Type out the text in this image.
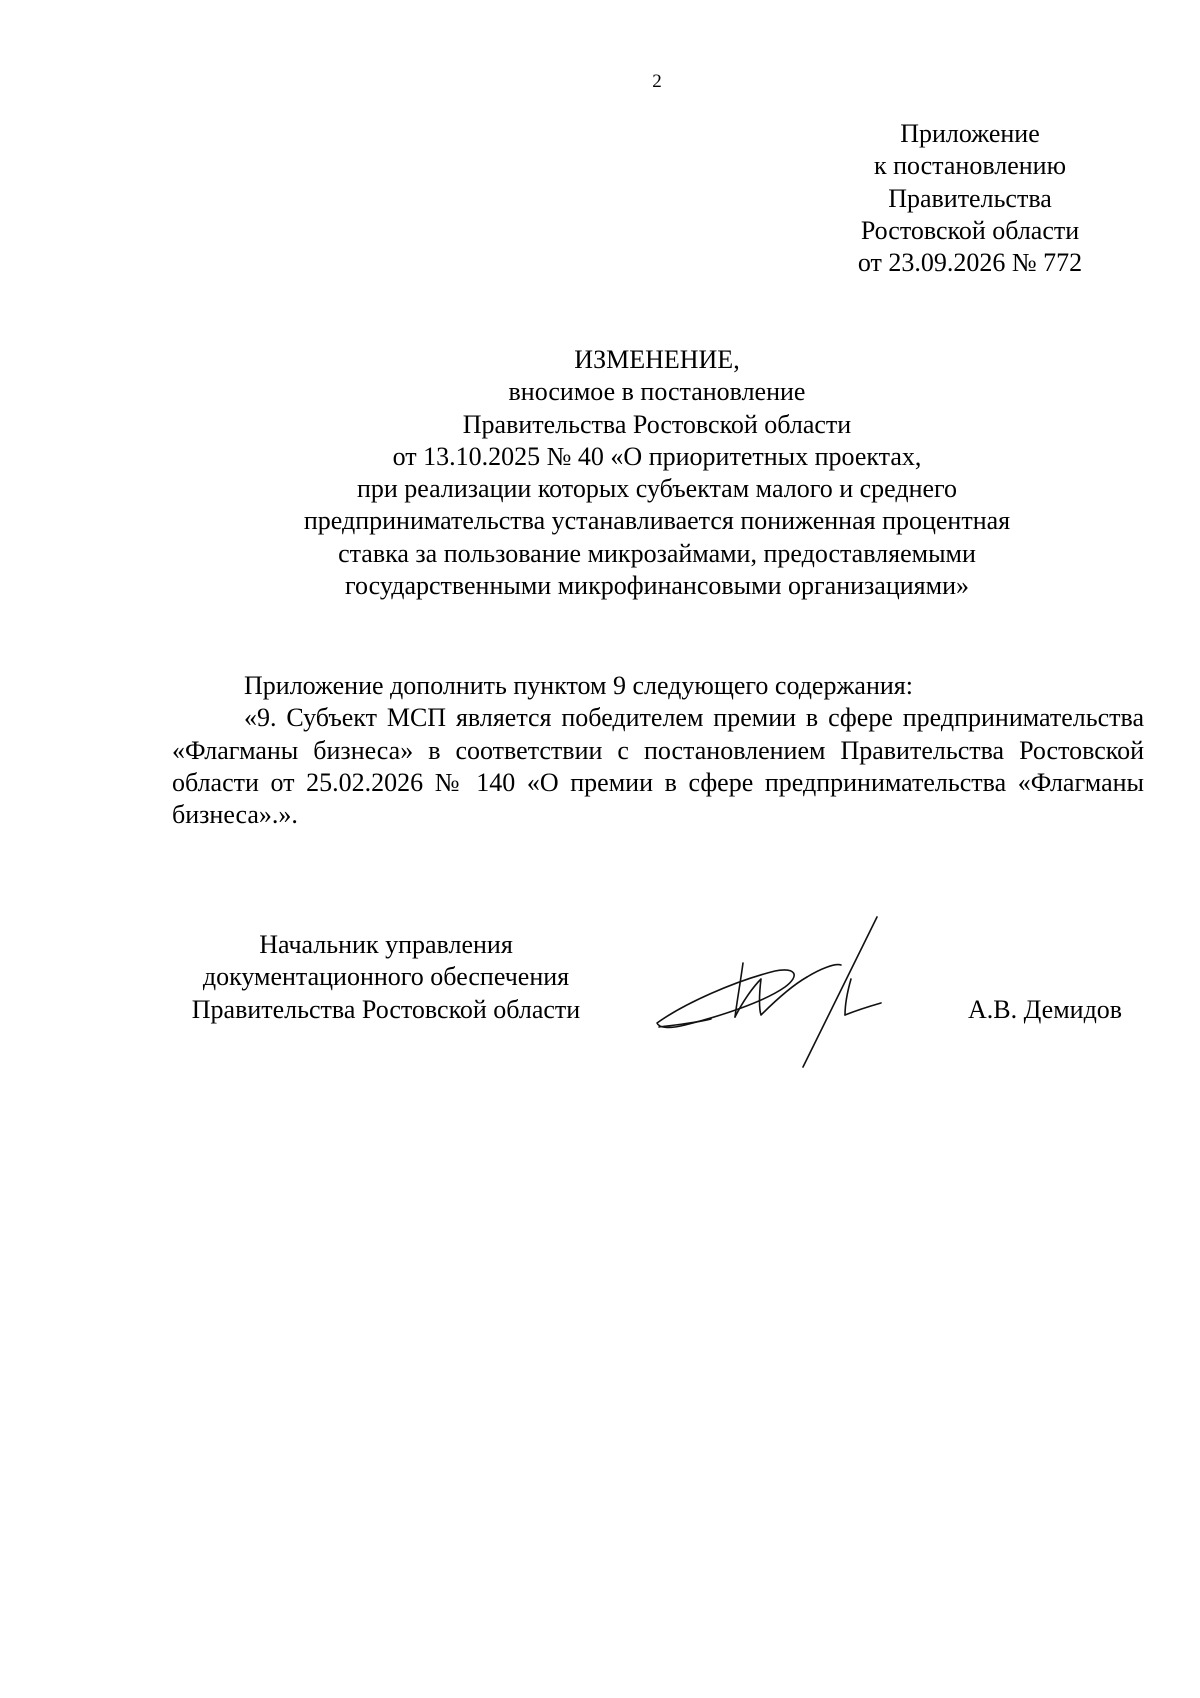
2
Приложение
к постановлению
Правительства
Ростовской области
от 23.09.2026 № 772
ИЗМЕНЕНИЕ,
вносимое в постановление
Правительства Ростовской области
от 13.10.2025 № 40 «О приоритетных проектах,
при реализации которых субъектам малого и среднего
предпринимательства устанавливается пониженная процентная
ставка за пользование микрозаймами, предоставляемыми
государственными микрофинансовыми организациями»

Приложение дополнить пунктом 9 следующего содержания:

«9. Субъект МСП является победителем премии в сфере предпринимательства «Флагманы бизнеса» в соответствии с постановлением Правительства Ростовской области от 25.02.2026 № 140 «О премии в сфере предпринимательства «Флагманы бизнеса».».

Начальник управления
документационного обеспечения
Правительства Ростовской области	А.В. Демидов
